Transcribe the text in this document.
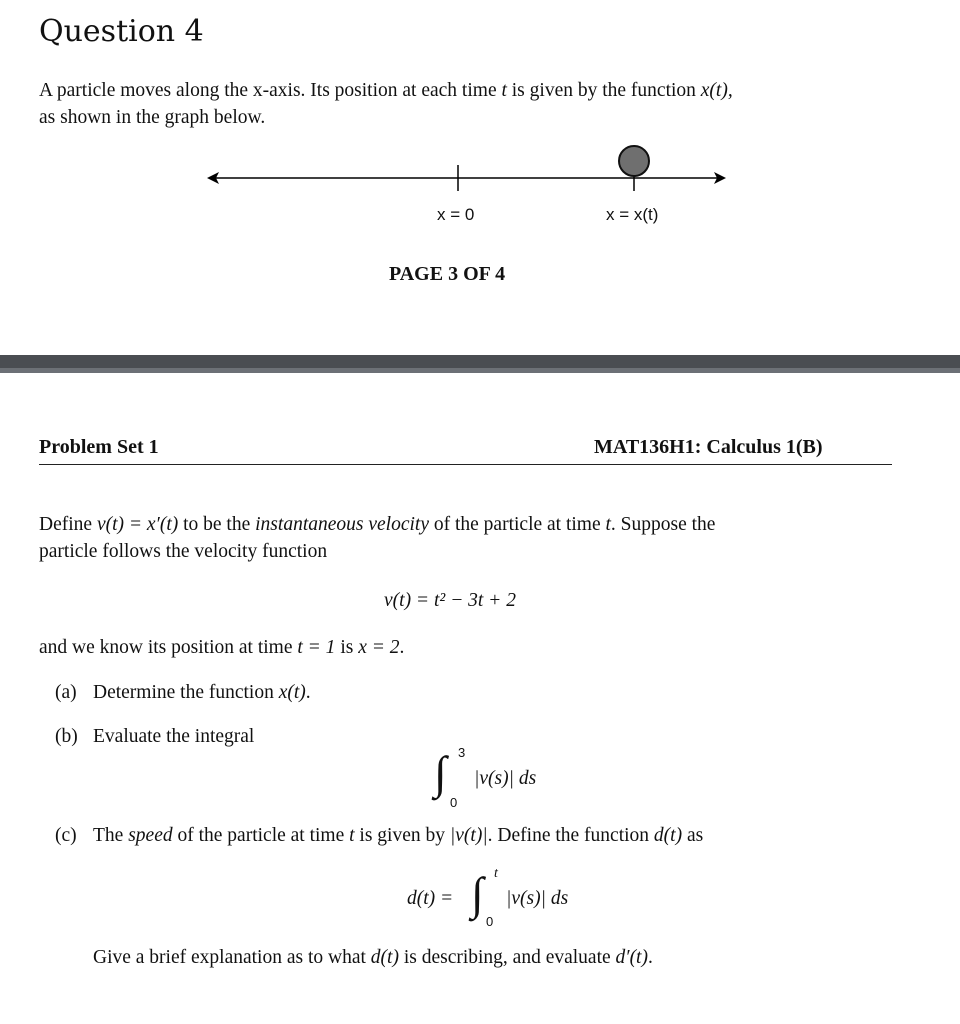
Question 4
A particle moves along the x-axis. Its position at each time t is given by the function x(t),
as shown in the graph below.
x = 0	x = x(t)
PAGE 3 OF 4
Problem Set 1	MAT136H1: Calculus 1(B)
Define v(t) = x′(t) to be the instantaneous velocity of the particle at time t. Suppose the
particle follows the velocity function
v(t) = t² − 3t + 2
and we know its position at time t = 1 is x = 2.
(a) Determine the function x(t).
(b) Evaluate the integral
∫ 3
0
|v(s)| ds
(c) The speed of the particle at time t is given by |v(t)|. Define the function d(t) as
d(t) = ∫ t
0
|v(s)| ds
Give a brief explanation as to what d(t) is describing, and evaluate d′(t).
